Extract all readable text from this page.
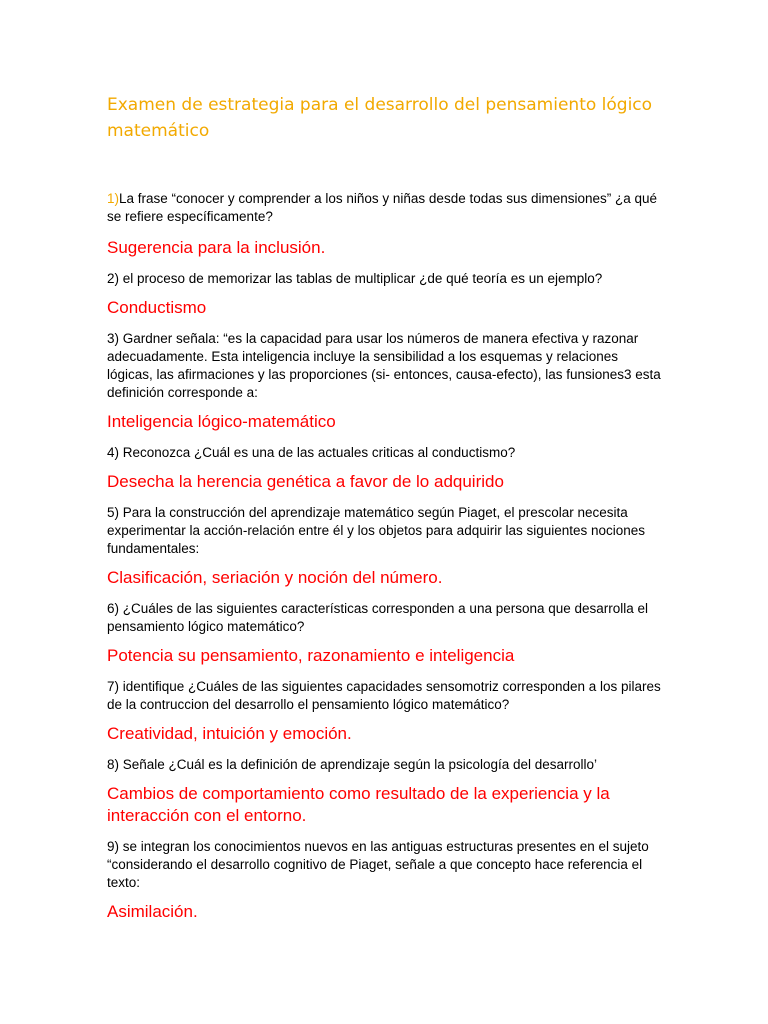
Examen de estrategia para el desarrollo del pensamiento lógico matemático

1)La frase “conocer y comprender a los niños y niñas desde todas sus dimensiones” ¿a qué se refiere específicamente?

Sugerencia para la inclusión.

2) el proceso de memorizar las tablas de multiplicar ¿de qué teoría es un ejemplo?

Conductismo

3) Gardner señala: “es la capacidad para usar los números de manera efectiva y razonar adecuadamente. Esta inteligencia incluye la sensibilidad a los esquemas y relaciones lógicas, las afirmaciones y las proporciones (si- entonces, causa-efecto), las funsiones3 esta definición corresponde a:

Inteligencia lógico-matemático

4) Reconozca ¿Cuál es una de las actuales criticas al conductismo?

Desecha la herencia genética a favor de lo adquirido

5) Para la construcción del aprendizaje matemático según Piaget, el prescolar necesita experimentar la acción-relación entre él y los objetos para adquirir las siguientes nociones fundamentales:

Clasificación, seriación y noción del número.

6) ¿Cuáles de las siguientes características corresponden a una persona que desarrolla el pensamiento lógico matemático?

Potencia su pensamiento, razonamiento e inteligencia

7) identifique ¿Cuáles de las siguientes capacidades sensomotriz corresponden a los pilares de la contruccion del desarrollo el pensamiento lógico matemático?

Creatividad, intuición y emoción.

8) Señale ¿Cuál es la definición de aprendizaje según la psicología del desarrollo’

Cambios de comportamiento como resultado de la experiencia y la interacción con el entorno.

9) se integran los conocimientos nuevos en las antiguas estructuras presentes en el sujeto “considerando el desarrollo cognitivo de Piaget, señale a que concepto hace referencia el texto:

Asimilación.
